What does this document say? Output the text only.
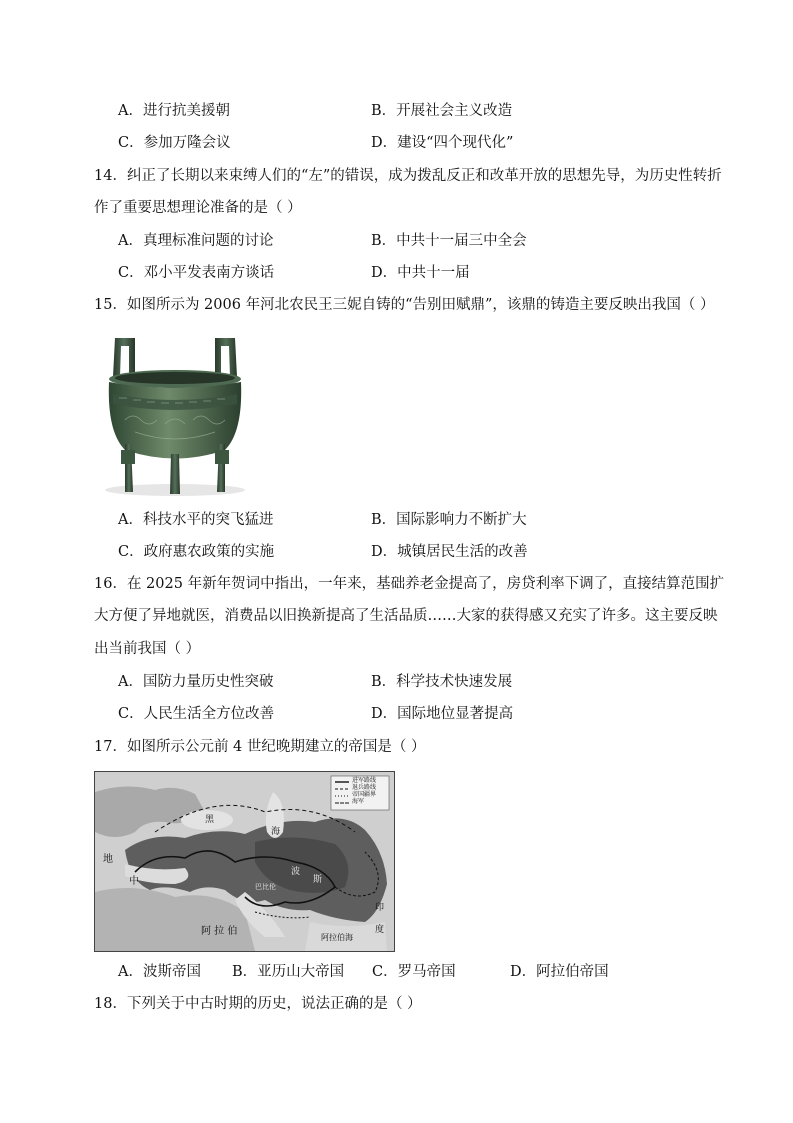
A．进行抗美援朝	B．开展社会主义改造
C．参加万隆会议	D．建设“四个现代化”
14．纠正了长期以来束缚人们的“左”的错误，成为拨乱反正和改革开放的思想先导，为历史性转折
作了重要思想理论准备的是（ ）
A．真理标准问题的讨论	B．中共十一届三中全会
C．邓小平发表南方谈话	D．中共十一届
15．如图所示为 2006 年河北农民王三妮自铸的“告别田赋鼎”，该鼎的铸造主要反映出我国（ ）
A．科技水平的突飞猛进	B．国际影响力不断扩大
C．政府惠农政策的实施	D．城镇居民生活的改善
16．在 2025 年新年贺词中指出，一年来，基础养老金提高了，房贷利率下调了，直接结算范围扩
大方便了异地就医，消费品以旧换新提高了生活品质……大家的获得感又充实了许多。这主要反映
出当前我国（ ）
A．国防力量历史性突破	B．科学技术快速发展
C．人民生活全方位改善	D．国际地位显著提高
17．如图所示公元前 4 世纪晚期建立的帝国是（ ）
进军路线
退兵路线
帝国疆界
海军
地
中
黑
海
波
斯
巴比伦
阿 拉 伯
阿拉伯海
印
度
A．波斯帝国 B．亚历山大帝国 C．罗马帝国	D．阿拉伯帝国
18．下列关于中古时期的历史，说法正确的是（ ）
